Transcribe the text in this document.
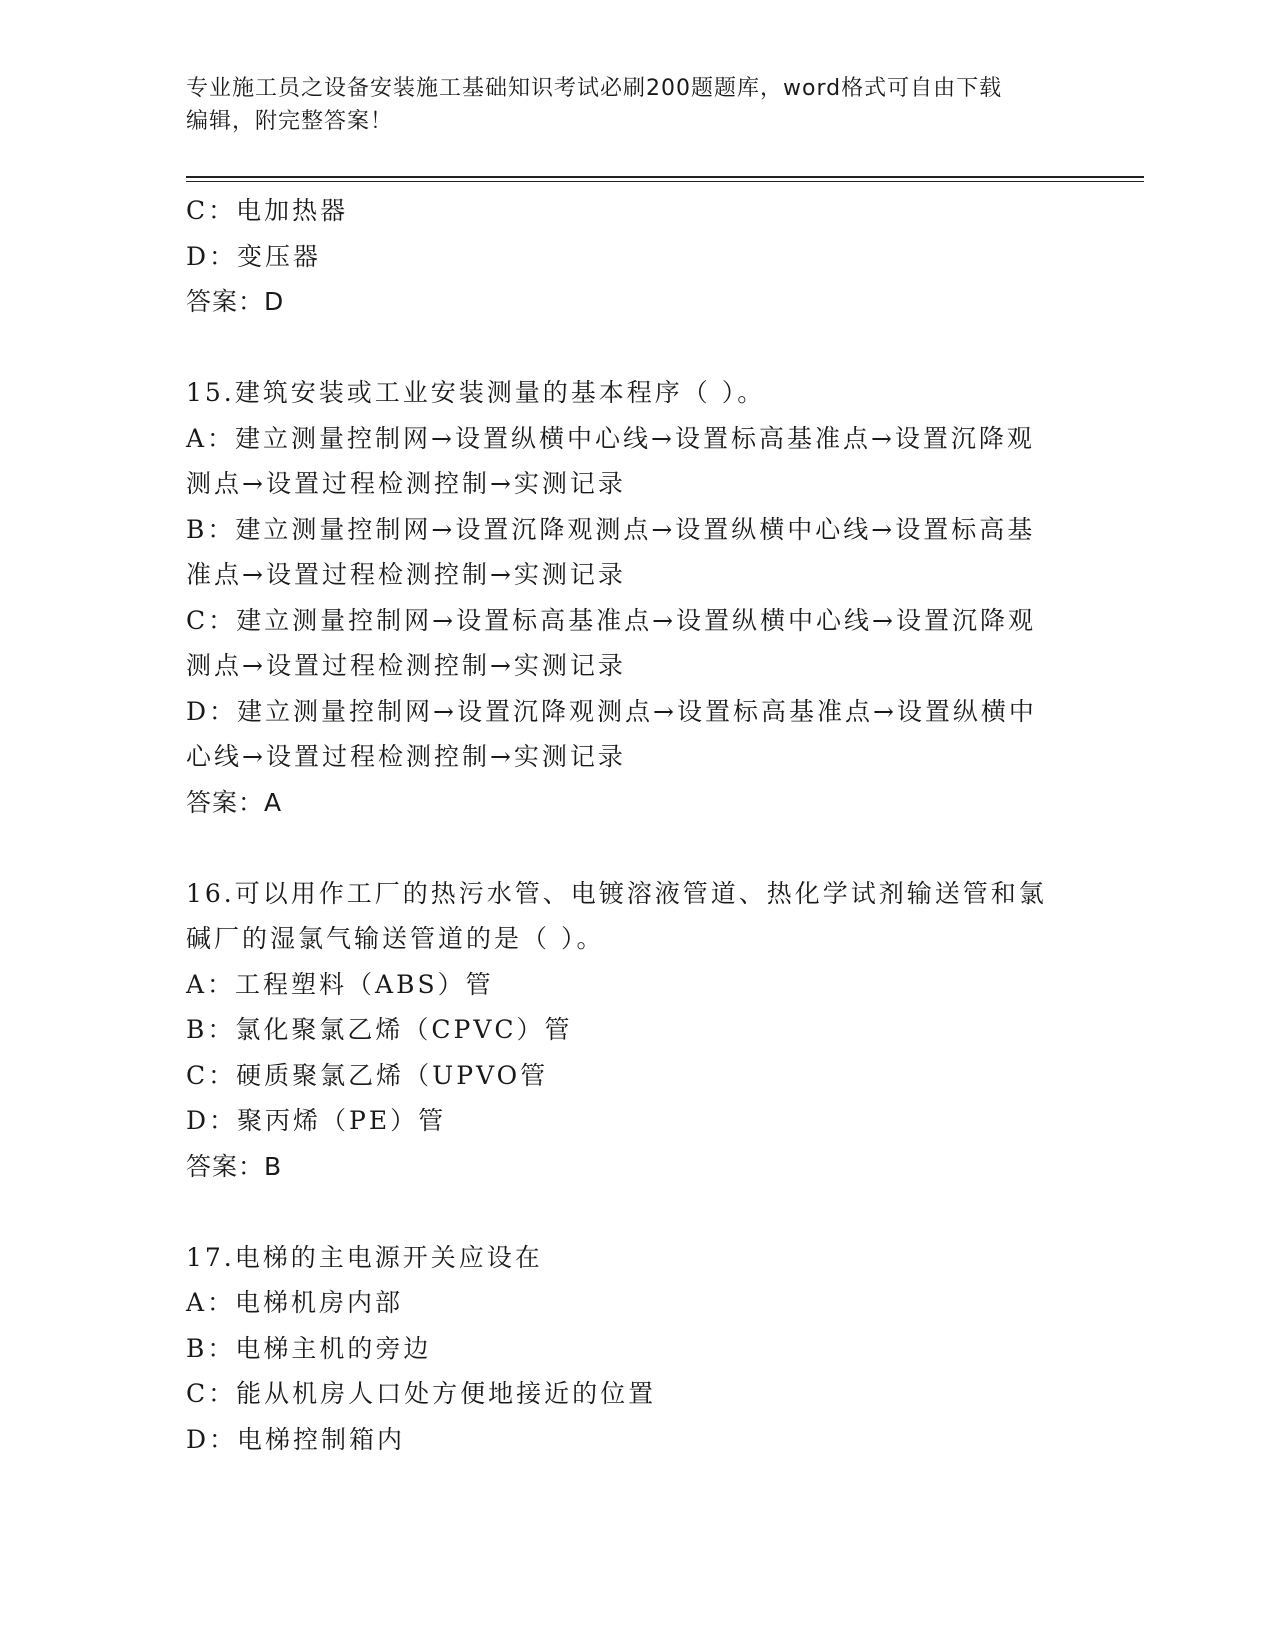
专业施工员之设备安装施工基础知识考试必刷200题题库，word格式可自由下载
编辑，附完整答案！
C：电加热器
D：变压器
答案：D
15.建筑安装或工业安装测量的基本程序（ ）。
A：建立测量控制网→设置纵横中心线→设置标高基准点→设置沉降观
测点→设置过程检测控制→实测记录
B：建立测量控制网→设置沉降观测点→设置纵横中心线→设置标高基
准点→设置过程检测控制→实测记录
C：建立测量控制网→设置标高基准点→设置纵横中心线→设置沉降观
测点→设置过程检测控制→实测记录
D：建立测量控制网→设置沉降观测点→设置标高基准点→设置纵横中
心线→设置过程检测控制→实测记录
答案：A
16.可以用作工厂的热污水管、电镀溶液管道、热化学试剂输送管和氯
碱厂的湿氯气输送管道的是（ ）。
A：工程塑料（ABS）管
B：氯化聚氯乙烯（CPVC）管
C：硬质聚氯乙烯（UPVO管
D：聚丙烯（PE）管
答案：B
17.电梯的主电源开关应设在
A：电梯机房内部
B：电梯主机的旁边
C：能从机房人口处方便地接近的位置
D：电梯控制箱内
